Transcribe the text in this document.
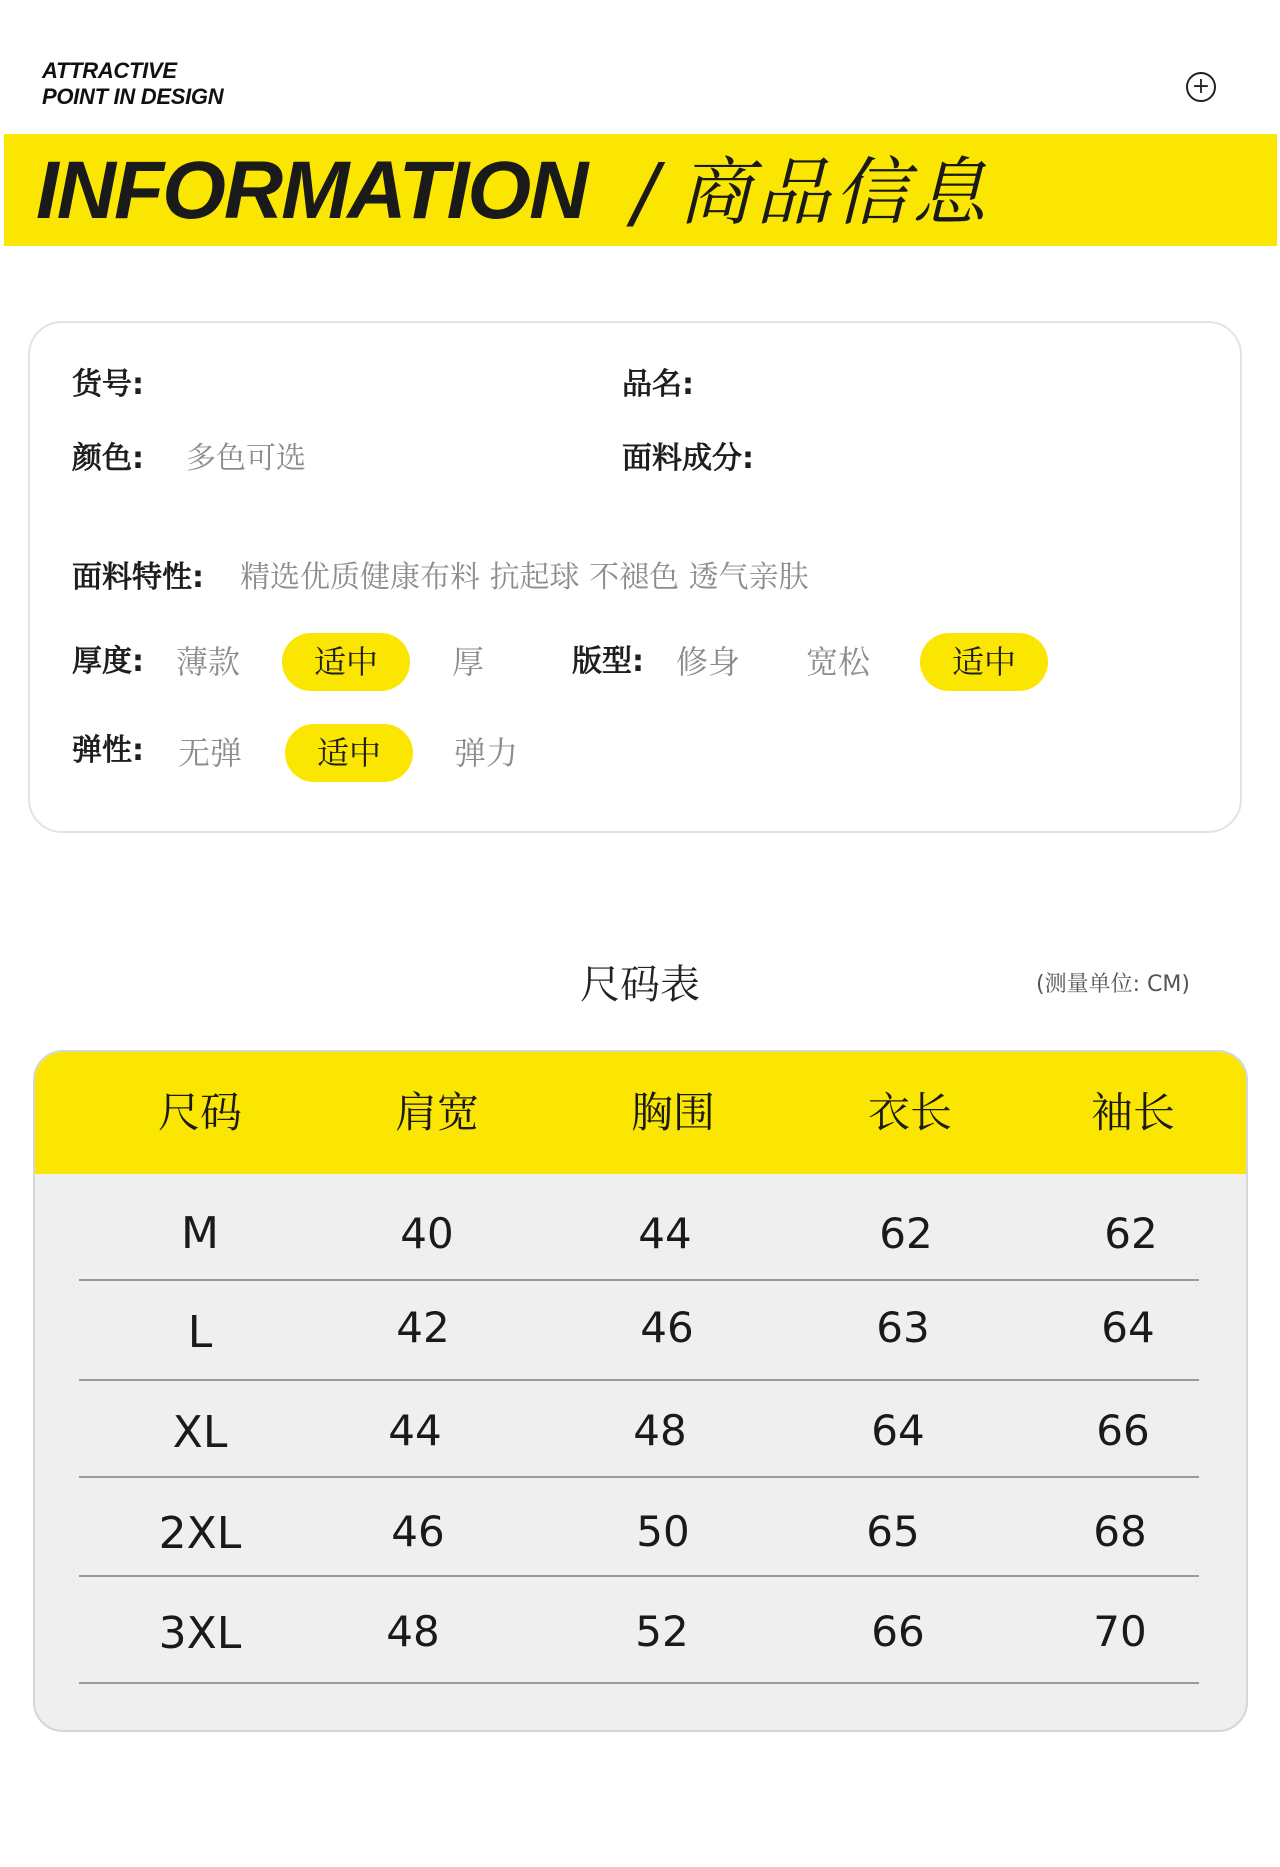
ATTRACTIVE
POINT IN DESIGN	+
INFORMATION / 商品信息
货号:	品名:
颜色: 多色可选	面料成分:
面料特性: 精选优质健康布料 抗起球 不褪色 透气亲肤
厚度: 薄款	适中	厚	版型: 修身 宽松	适中
弹性: 无弹	适中	弹力
尺码表	(测量单位: CM)
尺码	肩宽	胸围	衣长	袖长
M	40	44	62	62
L	42	46	63	64
XL	44	48	64	66
2XL	46	50	65	68
3XL	48	52	66	70
